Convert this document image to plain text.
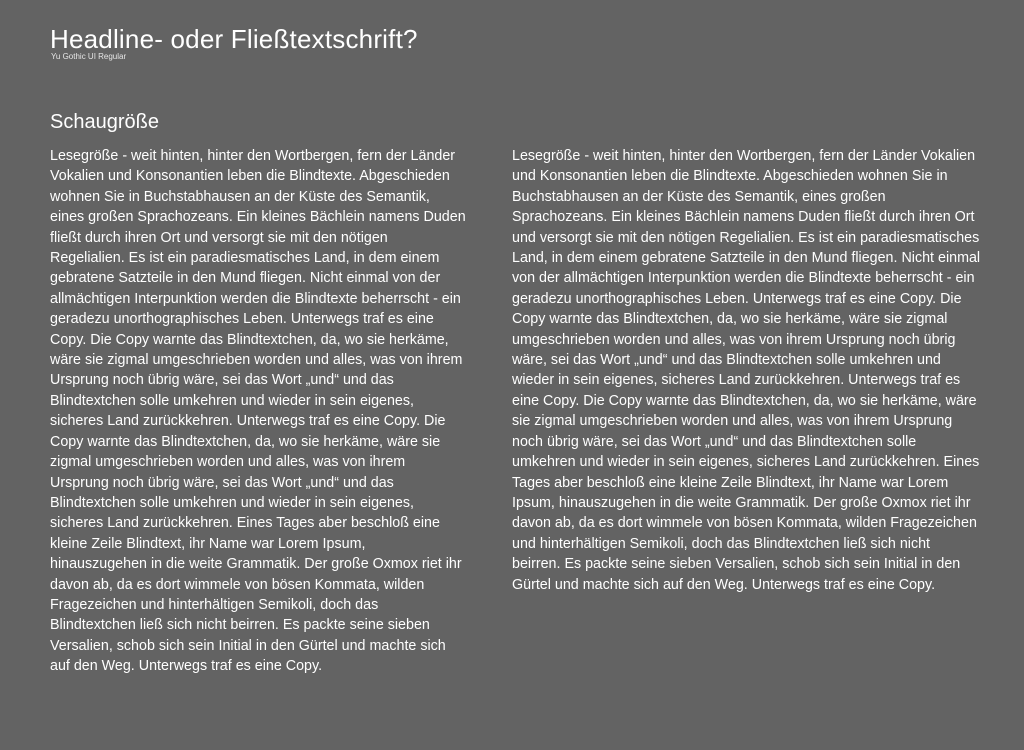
Headline- oder Fließtextschrift?
Yu Gothic UI Regular
Schaugröße

Lesegröße - weit hinten, hinter den Wortbergen, fern der Länder Vokalien und Konsonantien leben die Blindtexte. Abgeschieden wohnen Sie in Buchstabhausen an der Küste des Semantik, eines großen Sprachozeans. Ein kleines Bächlein namens Duden fließt durch ihren Ort und versorgt sie mit den nötigen Regelialien. Es ist ein paradiesmatisches Land, in dem einem gebratene Satzteile in den Mund fliegen. Nicht einmal von der allmächtigen Interpunktion werden die Blindtexte beherrscht - ein geradezu unorthographisches Leben. Unterwegs traf es eine Copy. Die Copy warnte das Blindtextchen, da, wo sie herkäme, wäre sie zigmal umgeschrieben worden und alles, was von ihrem Ursprung noch übrig wäre, sei das Wort „und“ und das Blindtextchen solle umkehren und wieder in sein eigenes, sicheres Land zurückkehren. Unterwegs traf es eine Copy. Die Copy warnte das Blindtextchen, da, wo sie herkäme, wäre sie zigmal umgeschrieben worden und alles, was von ihrem Ursprung noch übrig wäre, sei das Wort „und“ und das Blindtextchen solle umkehren und wieder in sein eigenes, sicheres Land zurückkehren. Eines Tages aber beschloß eine kleine Zeile Blindtext, ihr Name war Lorem Ipsum, hinauszugehen in die weite Grammatik. Der große Oxmox riet ihr davon ab, da es dort wimmele von bösen Kommata, wilden Fragezeichen und hinterhältigen Semikoli, doch das Blindtextchen ließ sich nicht beirren. Es packte seine sieben Versalien, schob sich sein Initial in den Gürtel und machte sich auf den Weg. Unterwegs traf es eine Copy.

Lesegröße - weit hinten, hinter den Wortbergen, fern der Länder Vokalien und Konsonantien leben die Blindtexte. Abgeschieden wohnen Sie in Buchstabhausen an der Küste des Semantik, eines großen Sprachozeans. Ein kleines Bächlein namens Duden fließt durch ihren Ort und versorgt sie mit den nötigen Regelialien. Es ist ein paradiesmatisches Land, in dem einem gebratene Satzteile in den Mund fliegen. Nicht einmal von der allmächtigen Interpunktion werden die Blindtexte beherrscht - ein geradezu unorthographisches Leben. Unterwegs traf es eine Copy. Die Copy warnte das Blindtextchen, da, wo sie herkäme, wäre sie zigmal umgeschrieben worden und alles, was von ihrem Ursprung noch übrig wäre, sei das Wort „und“ und das Blindtextchen solle umkehren und wieder in sein eigenes, sicheres Land zurückkehren. Unterwegs traf es eine Copy. Die Copy warnte das Blindtextchen, da, wo sie herkäme, wäre sie zigmal umgeschrieben worden und alles, was von ihrem Ursprung noch übrig wäre, sei das Wort „und“ und das Blindtextchen solle umkehren und wieder in sein eigenes, sicheres Land zurückkehren. Eines Tages aber beschloß eine kleine Zeile Blindtext, ihr Name war Lorem Ipsum, hinauszugehen in die weite Grammatik. Der große Oxmox riet ihr davon ab, da es dort wimmele von bösen Kommata, wilden Fragezeichen und hinterhältigen Semikoli, doch das Blindtextchen ließ sich nicht beirren. Es packte seine sieben Versalien, schob sich sein Initial in den Gürtel und machte sich auf den Weg. Unterwegs traf es eine Copy.
